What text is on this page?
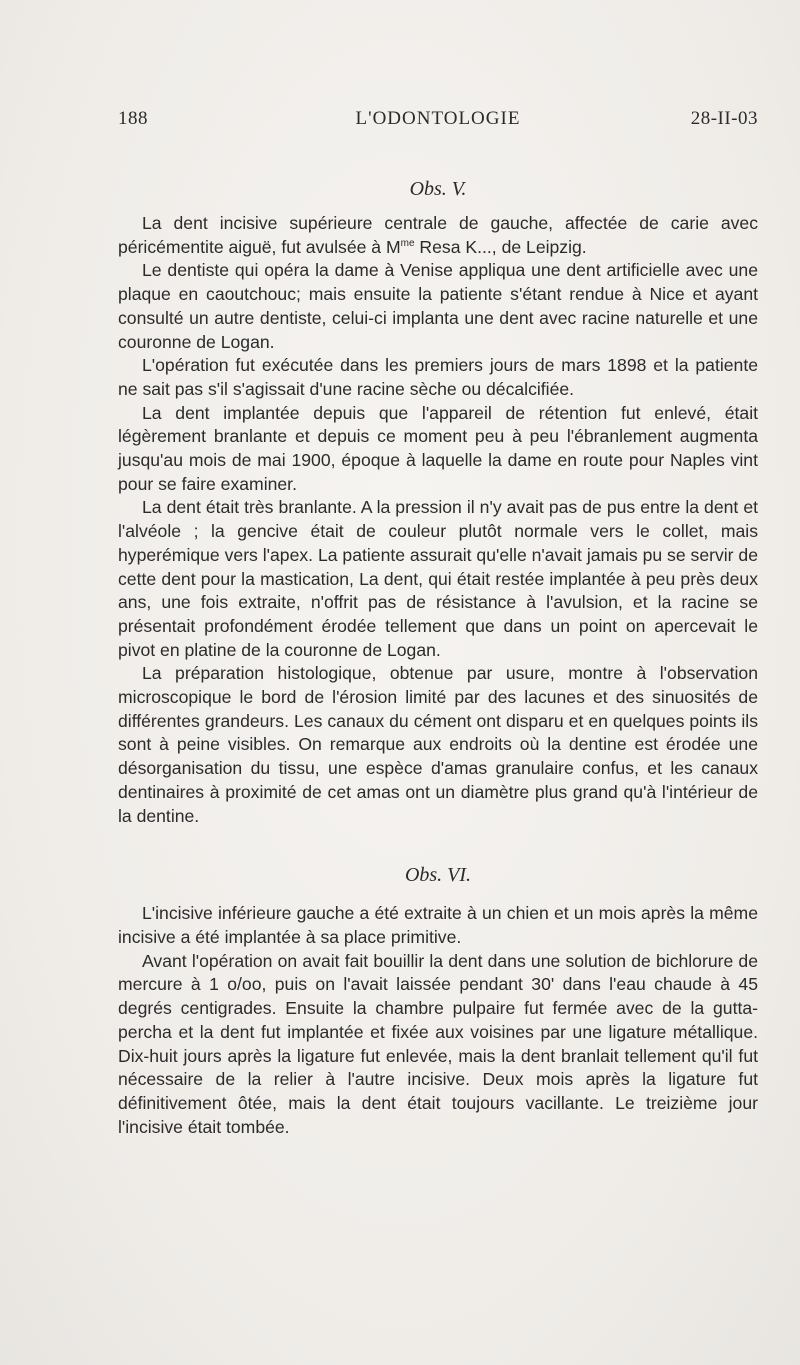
188	L'ODONTOLOGIE	28-II-03
Obs. V.

La dent incisive supérieure centrale de gauche, affectée de carie avec péricémentite aiguë, fut avulsée à $M^{me}$ Resa K..., de Leipzig.

Le dentiste qui opéra la dame à Venise appliqua une dent artificielle avec une plaque en caoutchouc; mais ensuite la patiente s'étant rendue à Nice et ayant consulté un autre dentiste, celui-ci implanta une dent avec racine naturelle et une couronne de Logan.

L'opération fut exécutée dans les premiers jours de mars 1898 et la patiente ne sait pas s'il s'agissait d'une racine sèche ou décalcifiée.

La dent implantée depuis que l'appareil de rétention fut enlevé, était légèrement branlante et depuis ce moment peu à peu l'ébranlement augmenta jusqu'au mois de mai 1900, époque à laquelle la dame en route pour Naples vint pour se faire examiner.

La dent était très branlante. A la pression il n'y avait pas de pus entre la dent et l'alvéole ; la gencive était de couleur plutôt normale vers le collet, mais hyperémique vers l'apex. La patiente assurait qu'elle n'avait jamais pu se servir de cette dent pour la mastication, La dent, qui était restée implantée à peu près deux ans, une fois extraite, n'offrit pas de résistance à l'avulsion, et la racine se présentait profondément érodée tellement que dans un point on apercevait le pivot en platine de la couronne de Logan.

La préparation histologique, obtenue par usure, montre à l'observation microscopique le bord de l'érosion limité par des lacunes et des sinuosités de différentes grandeurs. Les canaux du cément ont disparu et en quelques points ils sont à peine visibles. On remarque aux endroits où la dentine est érodée une désorganisation du tissu, une espèce d'amas granulaire confus, et les canaux dentinaires à proximité de cet amas ont un diamètre plus grand qu'à l'intérieur de la dentine.

Obs. VI.

L'incisive inférieure gauche a été extraite à un chien et un mois après la même incisive a été implantée à sa place primitive.

Avant l'opération on avait fait bouillir la dent dans une solution de bichlorure de mercure à 1 o/oo, puis on l'avait laissée pendant 30' dans l'eau chaude à 45 degrés centigrades. Ensuite la chambre pulpaire fut fermée avec de la gutta-percha et la dent fut implantée et fixée aux voisines par une ligature métallique. Dix-huit jours après la ligature fut enlevée, mais la dent branlait tellement qu'il fut nécessaire de la relier à l'autre incisive. Deux mois après la ligature fut définitivement ôtée, mais la dent était toujours vacillante. Le treizième jour l'incisive était tombée.
